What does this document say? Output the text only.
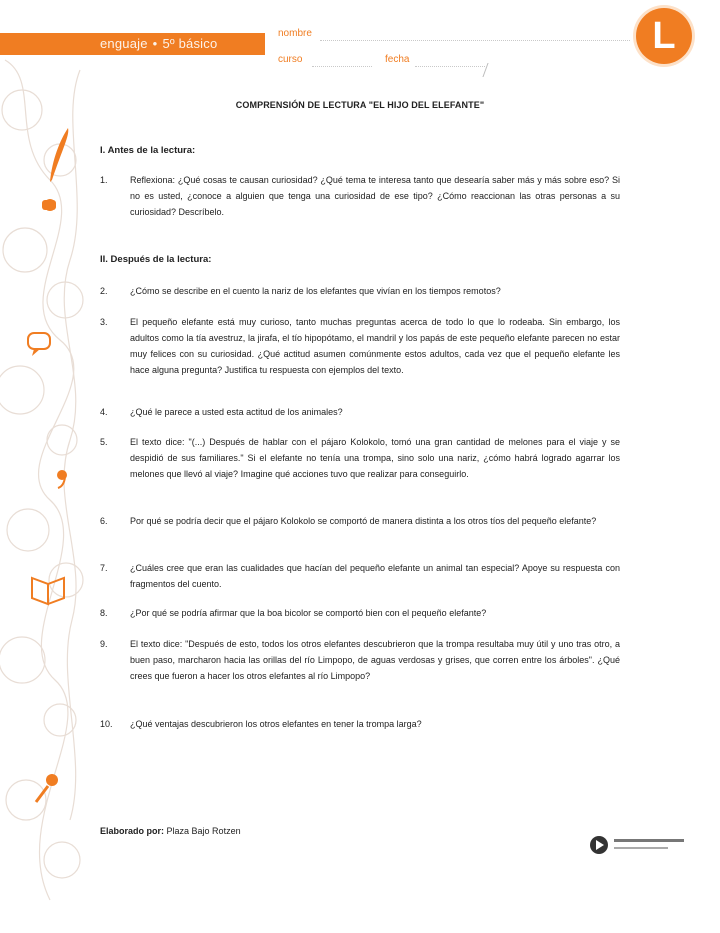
enguaje • 5º básico
nombre
curso	fecha
L
COMPRENSIÓN DE LECTURA "EL HIJO DEL ELEFANTE"
I. Antes de la lectura:
1.	Reflexiona: ¿Qué cosas te causan curiosidad? ¿Qué tema te interesa tanto que desearía saber más y más sobre eso? Si no es usted, ¿conoce a alguien que tenga una curiosidad de ese tipo? ¿Cómo reaccionan las otras personas a su curiosidad? Descríbelo.
II. Después de la lectura:
2.	¿Cómo se describe en el cuento la nariz de los elefantes que vivían en los tiempos remotos?
3.	El pequeño elefante está muy curioso, tanto muchas preguntas acerca de todo lo que lo rodeaba. Sin embargo, los adultos como la tía avestruz, la jirafa, el tío hipopótamo, el mandril y los papás de este pequeño elefante parecen no estar muy felices con su curiosidad. ¿Qué actitud asumen comúnmente estos adultos, cada vez que el pequeño elefante les hace alguna pregunta? Justifica tu respuesta con ejemplos del texto.
4.	¿Qué le parece a usted esta actitud de los animales?
5.	El texto dice: "(...) Después de hablar con el pájaro Kolokolo, tomó una gran cantidad de melones para el viaje y se despidió de sus familiares." Si el elefante no tenía una trompa, sino solo una nariz, ¿cómo habrá logrado agarrar los melones que llevó al viaje? Imagine qué acciones tuvo que realizar para conseguirlo.
6.	Por qué se podría decir que el pájaro Kolokolo se comportó de manera distinta a los otros tíos del pequeño elefante?
7.	¿Cuáles cree que eran las cualidades que hacían del pequeño elefante un animal tan especial? Apoye su respuesta con fragmentos del cuento.
8.	¿Por qué se podría afirmar que la boa bicolor se comportó bien con el pequeño elefante?
9.	El texto dice: "Después de esto, todos los otros elefantes descubrieron que la trompa resultaba muy útil y uno tras otro, a buen paso, marcharon hacia las orillas del río Limpopo, de aguas verdosas y grises, que corren entre los árboles". ¿Qué crees que fueron a hacer los otros elefantes al río Limpopo?
10.	¿Qué ventajas descubrieron los otros elefantes en tener la trompa larga?
Elaborado por: Plaza Bajo Rotzen
